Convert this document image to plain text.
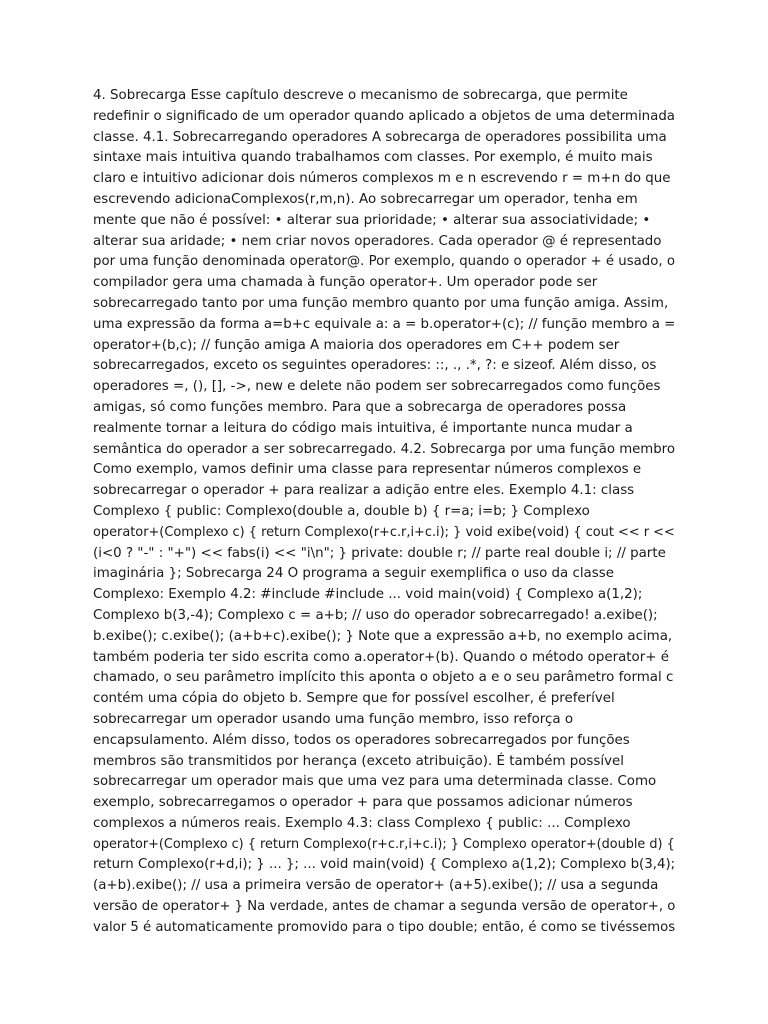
4. Sobrecarga Esse capítulo descreve o mecanismo de sobrecarga, que permite
redefinir o significado de um operador quando aplicado a objetos de uma determinada
classe. 4.1. Sobrecarregando operadores A sobrecarga de operadores possibilita uma
sintaxe mais intuitiva quando trabalhamos com classes. Por exemplo, é muito mais
claro e intuitivo adicionar dois números complexos m e n escrevendo r = m+n do que
escrevendo adicionaComplexos(r,m,n). Ao sobrecarregar um operador, tenha em
mente que não é possível: • alterar sua prioridade; • alterar sua associatividade; •
alterar sua aridade; • nem criar novos operadores. Cada operador @ é representado
por uma função denominada operator@. Por exemplo, quando o operador + é usado, o
compilador gera uma chamada à função operator+. Um operador pode ser
sobrecarregado tanto por uma função membro quanto por uma função amiga. Assim,
uma expressão da forma a=b+c equivale a: a = b.operator+(c); // função membro a =
operator+(b,c); // função amiga A maioria dos operadores em C++ podem ser
sobrecarregados, exceto os seguintes operadores: ::, ., .*, ?: e sizeof. Além disso, os
operadores =, (), [], ->, new e delete não podem ser sobrecarregados como funções
amigas, só como funções membro. Para que a sobrecarga de operadores possa
realmente tornar a leitura do código mais intuitiva, é importante nunca mudar a
semântica do operador a ser sobrecarregado. 4.2. Sobrecarga por uma função membro
Como exemplo, vamos definir uma classe para representar números complexos e
sobrecarregar o operador + para realizar a adição entre eles. Exemplo 4.1: class
Complexo { public: Complexo(double a, double b) { r=a; i=b; } Complexo
operator+(Complexo c) { return Complexo(r+c.r,i+c.i); } void exibe(void) { cout << r <<
(i<0 ? "-" : "+") << fabs(i) << "i\n"; } private: double r; // parte real double i; // parte
imaginária }; Sobrecarga 24 O programa a seguir exemplifica o uso da classe
Complexo: Exemplo 4.2: #include #include ... void main(void) { Complexo a(1,2);
Complexo b(3,-4); Complexo c = a+b; // uso do operador sobrecarregado! a.exibe();
b.exibe(); c.exibe(); (a+b+c).exibe(); } Note que a expressão a+b, no exemplo acima,
também poderia ter sido escrita como a.operator+(b). Quando o método operator+ é
chamado, o seu parâmetro implícito this aponta o objeto a e o seu parâmetro formal c
contém uma cópia do objeto b. Sempre que for possível escolher, é preferível
sobrecarregar um operador usando uma função membro, isso reforça o
encapsulamento. Além disso, todos os operadores sobrecarregados por funções
membros são transmitidos por herança (exceto atribuição). É também possível
sobrecarregar um operador mais que uma vez para uma determinada classe. Como
exemplo, sobrecarregamos o operador + para que possamos adicionar números
complexos a números reais. Exemplo 4.3: class Complexo { public: ... Complexo
operator+(Complexo c) { return Complexo(r+c.r,i+c.i); } Complexo operator+(double d) {
return Complexo(r+d,i); } ... }; ... void main(void) { Complexo a(1,2); Complexo b(3,4);
(a+b).exibe(); // usa a primeira versão de operator+ (a+5).exibe(); // usa a segunda
versão de operator+ } Na verdade, antes de chamar a segunda versão de operator+, o
valor 5 é automaticamente promovido para o tipo double; então, é como se tivéssemos
